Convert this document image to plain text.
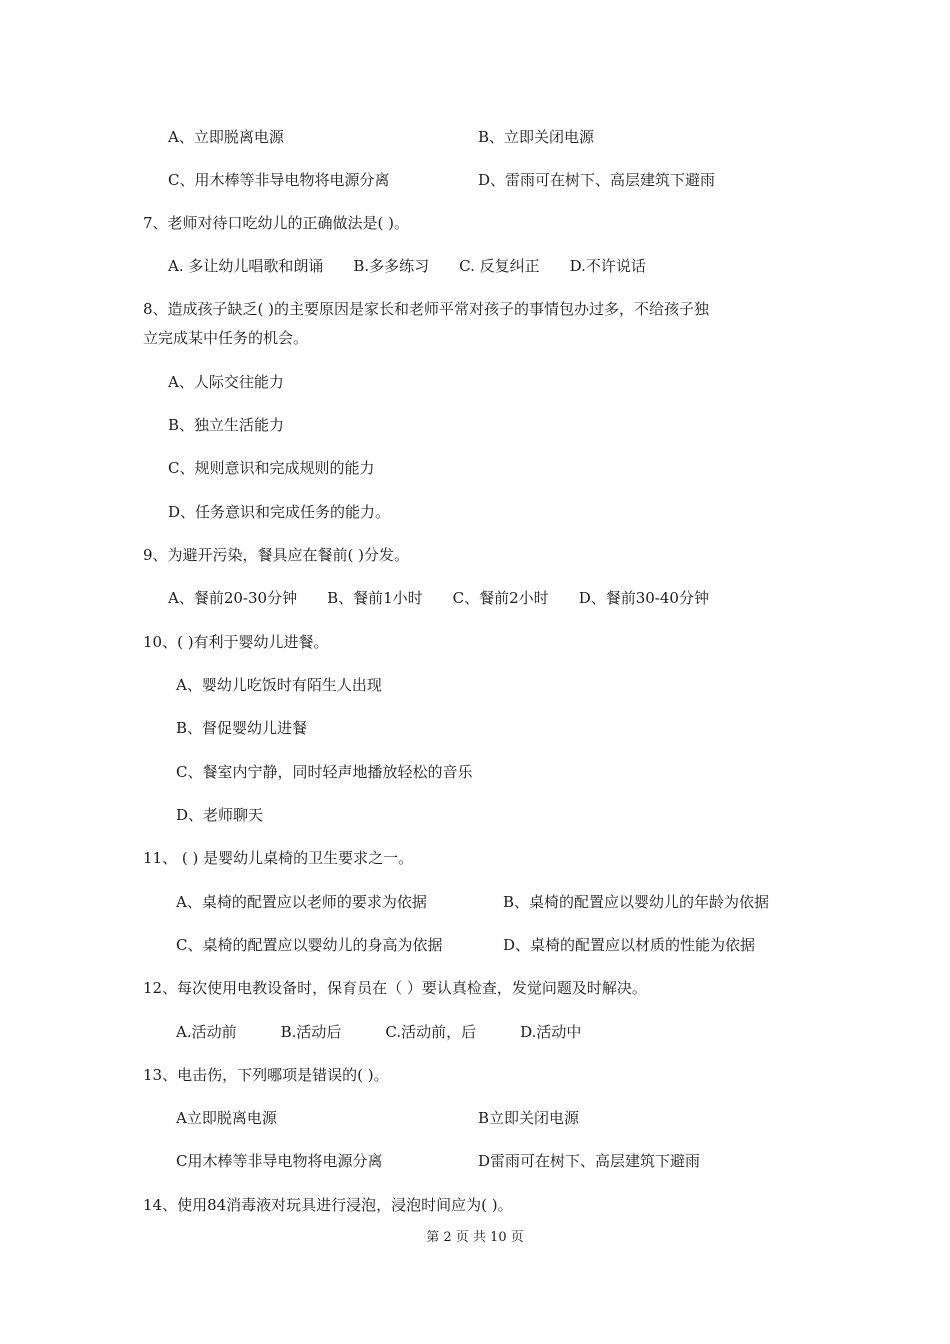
A、立即脱离电源	B、立即关闭电源
C、用木棒等非导电物将电源分离	D、雷雨可在树下、高层建筑下避雨
7、老师对待口吃幼儿的正确做法是( )。
A. 多让幼儿唱歌和朗诵 B.多多练习 C. 反复纠正 D.不许说话
8、造成孩子缺乏( )的主要原因是家长和老师平常对孩子的事情包办过多，不给孩子独
立完成某中任务的机会。
A、人际交往能力
B、独立生活能力
C、规则意识和完成规则的能力
D、任务意识和完成任务的能力。
9、为避开污染，餐具应在餐前( )分发。
A、餐前20-30分钟 B、餐前1小时 C、餐前2小时 D、餐前30-40分钟
10、( )有利于婴幼儿进餐。
A、婴幼儿吃饭时有陌生人出现
B、督促婴幼儿进餐
C、餐室内宁静，同时轻声地播放轻松的音乐
D、老师聊天
11、 ( ) 是婴幼儿桌椅的卫生要求之一。
A、桌椅的配置应以老师的要求为依据	B、桌椅的配置应以婴幼儿的年龄为依据
C、桌椅的配置应以婴幼儿的身高为依据	D、桌椅的配置应以材质的性能为依据
12、每次使用电教设备时，保育员在（ ）要认真检查，发觉问题及时解决。
A.活动前	B.活动后	C.活动前，后	D.活动中
13、电击伤，下列哪项是错误的( )。
A立即脱离电源	B立即关闭电源
C用木棒等非导电物将电源分离	D雷雨可在树下、高层建筑下避雨
14、使用84消毒液对玩具进行浸泡，浸泡时间应为( )。
第 2 页 共 10 页
